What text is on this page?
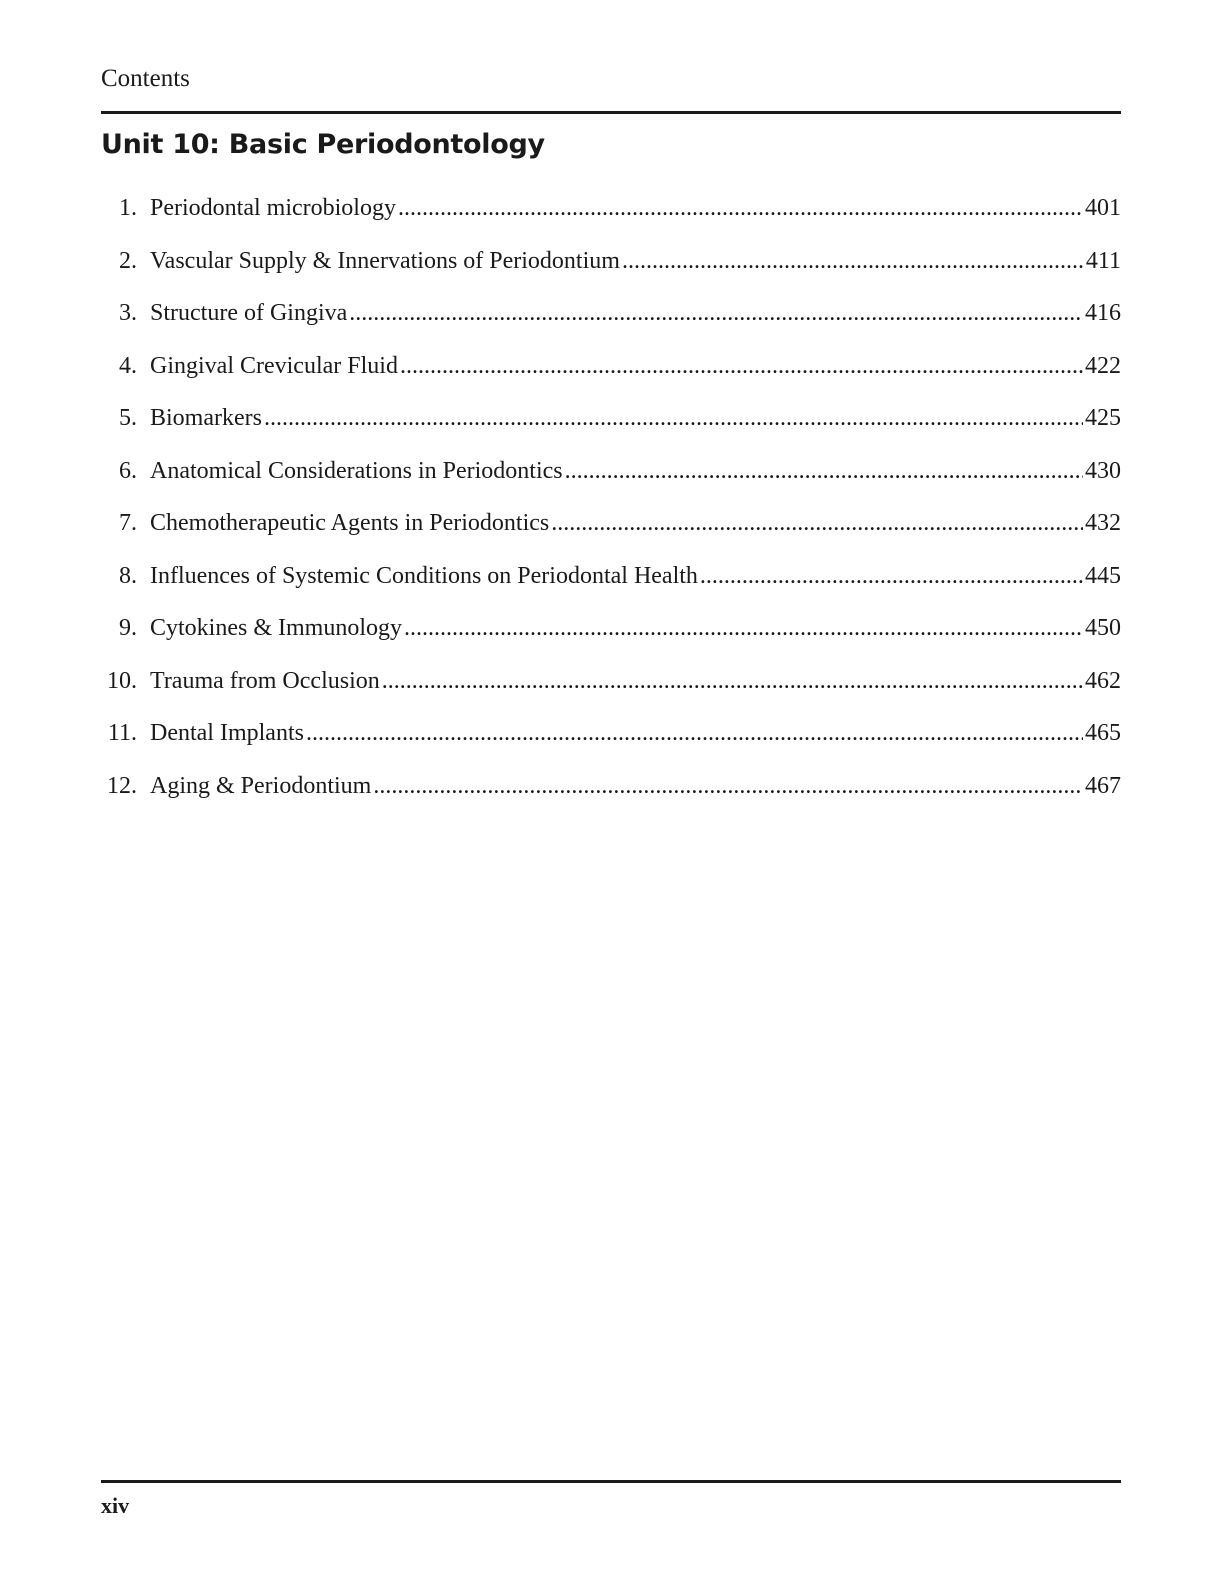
Contents
Unit 10: Basic Periodontology
1. Periodontal microbiology .....	401
2. Vascular Supply & Innervations of Periodontium .....	411
3. Structure of Gingiva .....	416
4. Gingival Crevicular Fluid .....	422
5. Biomarkers .....	425
6. Anatomical Considerations in Periodontics .....	430
7. Chemotherapeutic Agents in Periodontics .....	432
8. Influences of Systemic Conditions on Periodontal Health .....	445
9. Cytokines & Immunology .....	450
10. Trauma from Occlusion .....	462
11. Dental Implants .....	465
12. Aging & Periodontium .....	467
xiv
